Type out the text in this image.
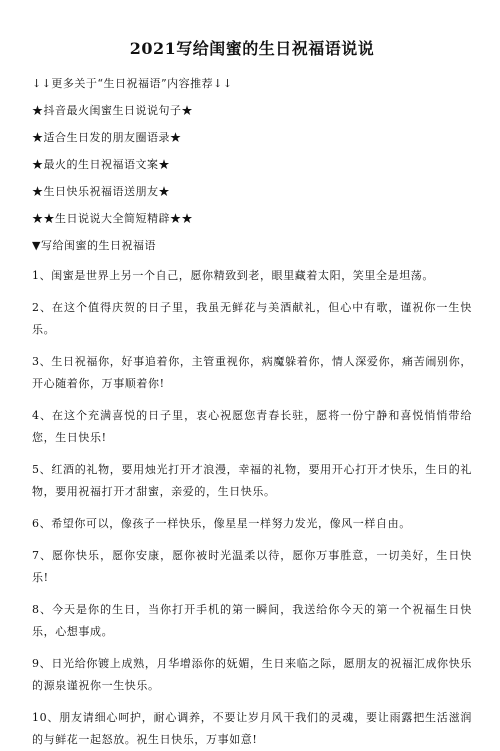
2021写给闺蜜的生日祝福语说说
↓↓更多关于“生日祝福语”内容推荐↓↓
★抖音最火闺蜜生日说说句子★
★适合生日发的朋友圈语录★
★最火的生日祝福语文案★
★生日快乐祝福语送朋友★
★★生日说说大全简短精辟★★
▼写给闺蜜的生日祝福语
1、闺蜜是世界上另一个自己，愿你精致到老，眼里藏着太阳，笑里全是坦荡。
2、在这个值得庆贺的日子里，我虽无鲜花与美酒献礼，但心中有歌，谨祝你一生快乐。
3、生日祝福你，好事追着你，主管重视你，病魔躲着你，情人深爱你，痛苦闹别你，开心随着你，万事顺着你!
4、在这个充满喜悦的日子里，衷心祝愿您青春长驻，愿将一份宁静和喜悦悄悄带给您，生日快乐!
5、红酒的礼物，要用烛光打开才浪漫，幸福的礼物，要用开心打开才快乐，生日的礼物，要用祝福打开才甜蜜，亲爱的，生日快乐。
6、希望你可以，像孩子一样快乐，像星星一样努力发光，像风一样自由。
7、愿你快乐，愿你安康，愿你被时光温柔以待，愿你万事胜意，一切美好，生日快乐!
8、今天是你的生日，当你打开手机的第一瞬间，我送给你今天的第一个祝福生日快乐，心想事成。
9、日光给你镀上成熟，月华增添你的妩媚，生日来临之际，愿朋友的祝福汇成你快乐的源泉谨祝你一生快乐。
10、朋友请细心呵护，耐心调养，不要让岁月风干我们的灵魂，要让雨露把生活滋润的与鲜花一起怒放。祝生日快乐，万事如意!
